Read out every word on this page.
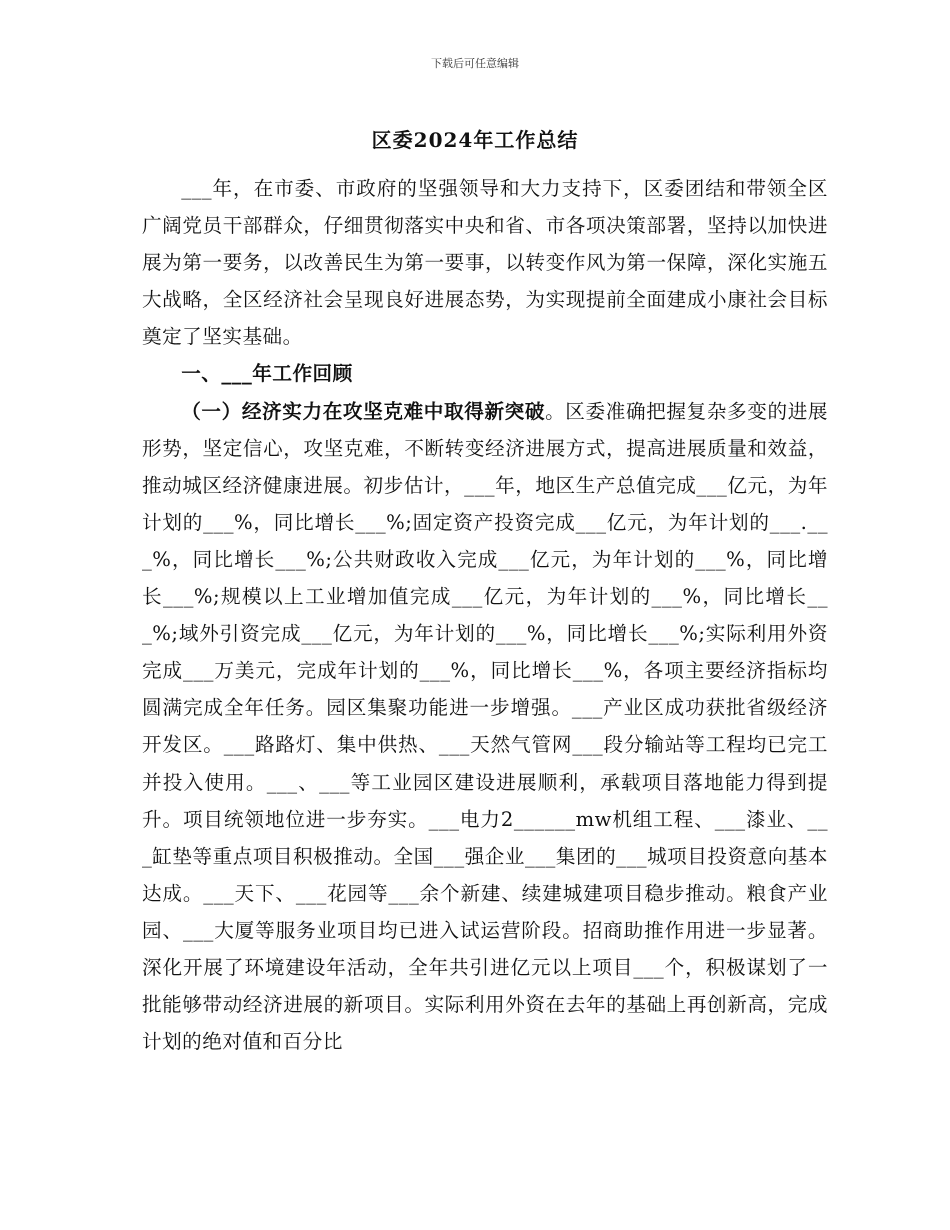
下载后可任意编辑
区委2024年工作总结

___年，在市委、市政府的坚强领导和大力支持下，区委团结和带领全区广阔党员干部群众，仔细贯彻落实中央和省、市各项决策部署，坚持以加快进展为第一要务，以改善民生为第一要事，以转变作风为第一保障，深化实施五大战略，全区经济社会呈现良好进展态势，为实现提前全面建成小康社会目标奠定了坚实基础。

一、___年工作回顾

（一）经济实力在攻坚克难中取得新突破。区委准确把握复杂多变的进展形势，坚定信心，攻坚克难，不断转变经济进展方式，提高进展质量和效益，推动城区经济健康进展。初步估计，___年，地区生产总值完成___亿元，为年计划的___%，同比增长___%;固定资产投资完成___亿元，为年计划的___.___%，同比增长___%;公共财政收入完成___亿元，为年计划的___%，同比增长___%;规模以上工业增加值完成___亿元，为年计划的___%，同比增长___%;域外引资完成___亿元，为年计划的___%，同比增长___%;实际利用外资完成___万美元，完成年计划的___%，同比增长___%，各项主要经济指标均圆满完成全年任务。园区集聚功能进一步增强。___产业区成功获批省级经济开发区。___路路灯、集中供热、___天然气管网___段分输站等工程均已完工并投入使用。___、___等工业园区建设进展顺利，承载项目落地能力得到提升。项目统领地位进一步夯实。___电力2______mw机组工程、___漆业、___缸垫等重点项目积极推动。全国___强企业___集团的___城项目投资意向基本达成。___天下、___花园等___余个新建、续建城建项目稳步推动。粮食产业园、___大厦等服务业项目均已进入试运营阶段。招商助推作用进一步显著。深化开展了环境建设年活动，全年共引进亿元以上项目___个，积极谋划了一批能够带动经济进展的新项目。实际利用外资在去年的基础上再创新高，完成计划的绝对值和百分比
